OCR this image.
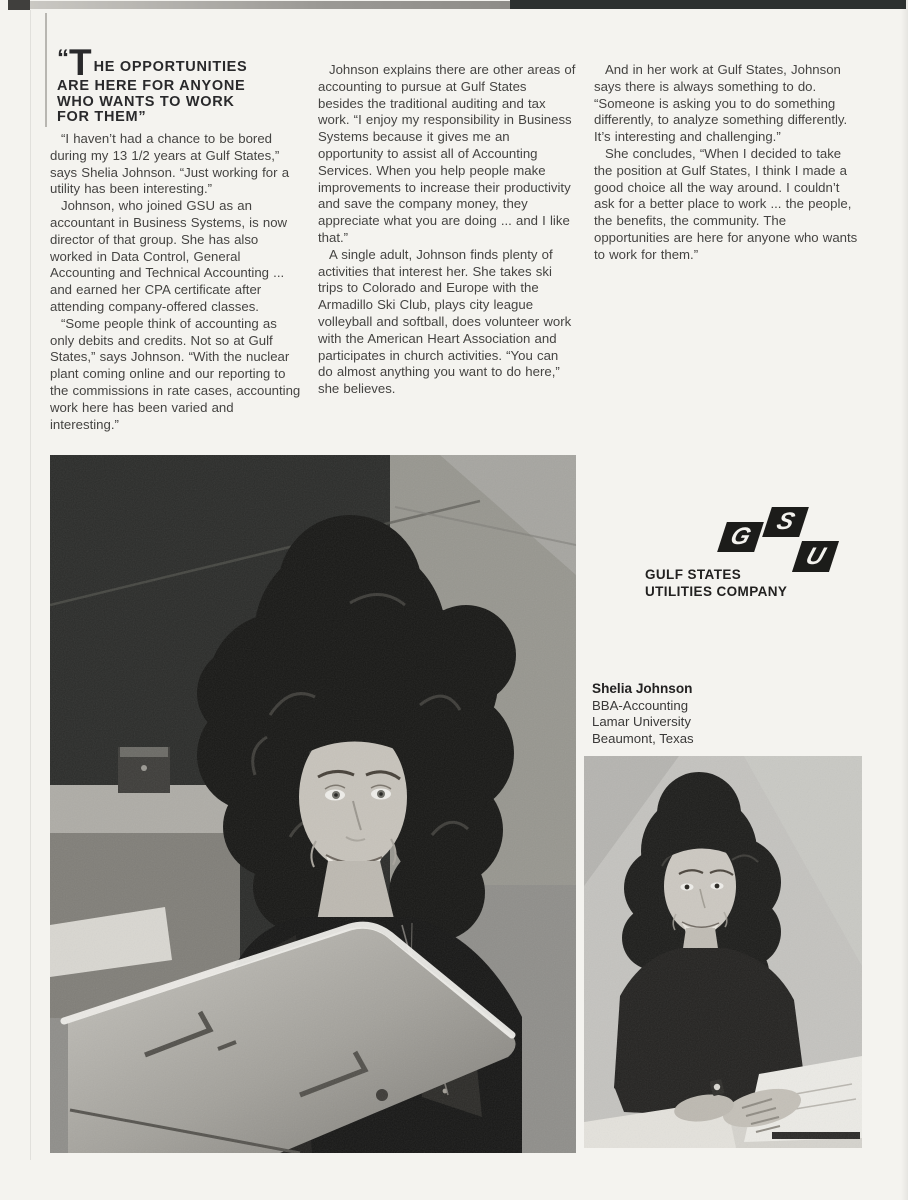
“ T HE OPPORTUNITIES
ARE HERE FOR ANYONE
WHO WANTS TO WORK
FOR THEM”

“I haven’t had a chance to be bored during my 13 1/2 years at Gulf States,” says Shelia Johnson. “Just working for a utility has been interesting.”

Johnson, who joined GSU as an accountant in Business Systems, is now director of that group. She has also worked in Data Control, General Accounting and Technical Accounting ... and earned her CPA certificate after attending company-offered classes.

“Some people think of accounting as only debits and credits. Not so at Gulf States,” says Johnson. “With the nuclear plant coming online and our reporting to the commissions in rate cases, accounting work here has been varied and interesting.”

Johnson explains there are other areas of accounting to pursue at Gulf States besides the traditional auditing and tax work. “I enjoy my responsibility in Business Systems because it gives me an opportunity to assist all of Accounting Services. When you help people make improvements to increase their productivity and save the company money, they appreciate what you are doing ... and I like that.”

A single adult, Johnson finds plenty of activities that interest her. She takes ski trips to Colorado and Europe with the Armadillo Ski Club, plays city league volleyball and softball, does volunteer work with the American Heart Association and participates in church activities. “You can do almost anything you want to do here,” she believes.

And in her work at Gulf States, Johnson says there is always something to do. “Someone is asking you to do something differently, to analyze something differently. It’s interesting and challenging.”

She concludes, “When I decided to take the position at Gulf States, I think I made a good choice all the way around. I couldn’t ask for a better place to work ... the people, the benefits, the community. The opportunities are here for anyone who wants to work for them.”

G
S
U
GULF STATES
UTILITIES COMPANY
Shelia Johnson
BBA-Accounting
Lamar University
Beaumont, Texas
